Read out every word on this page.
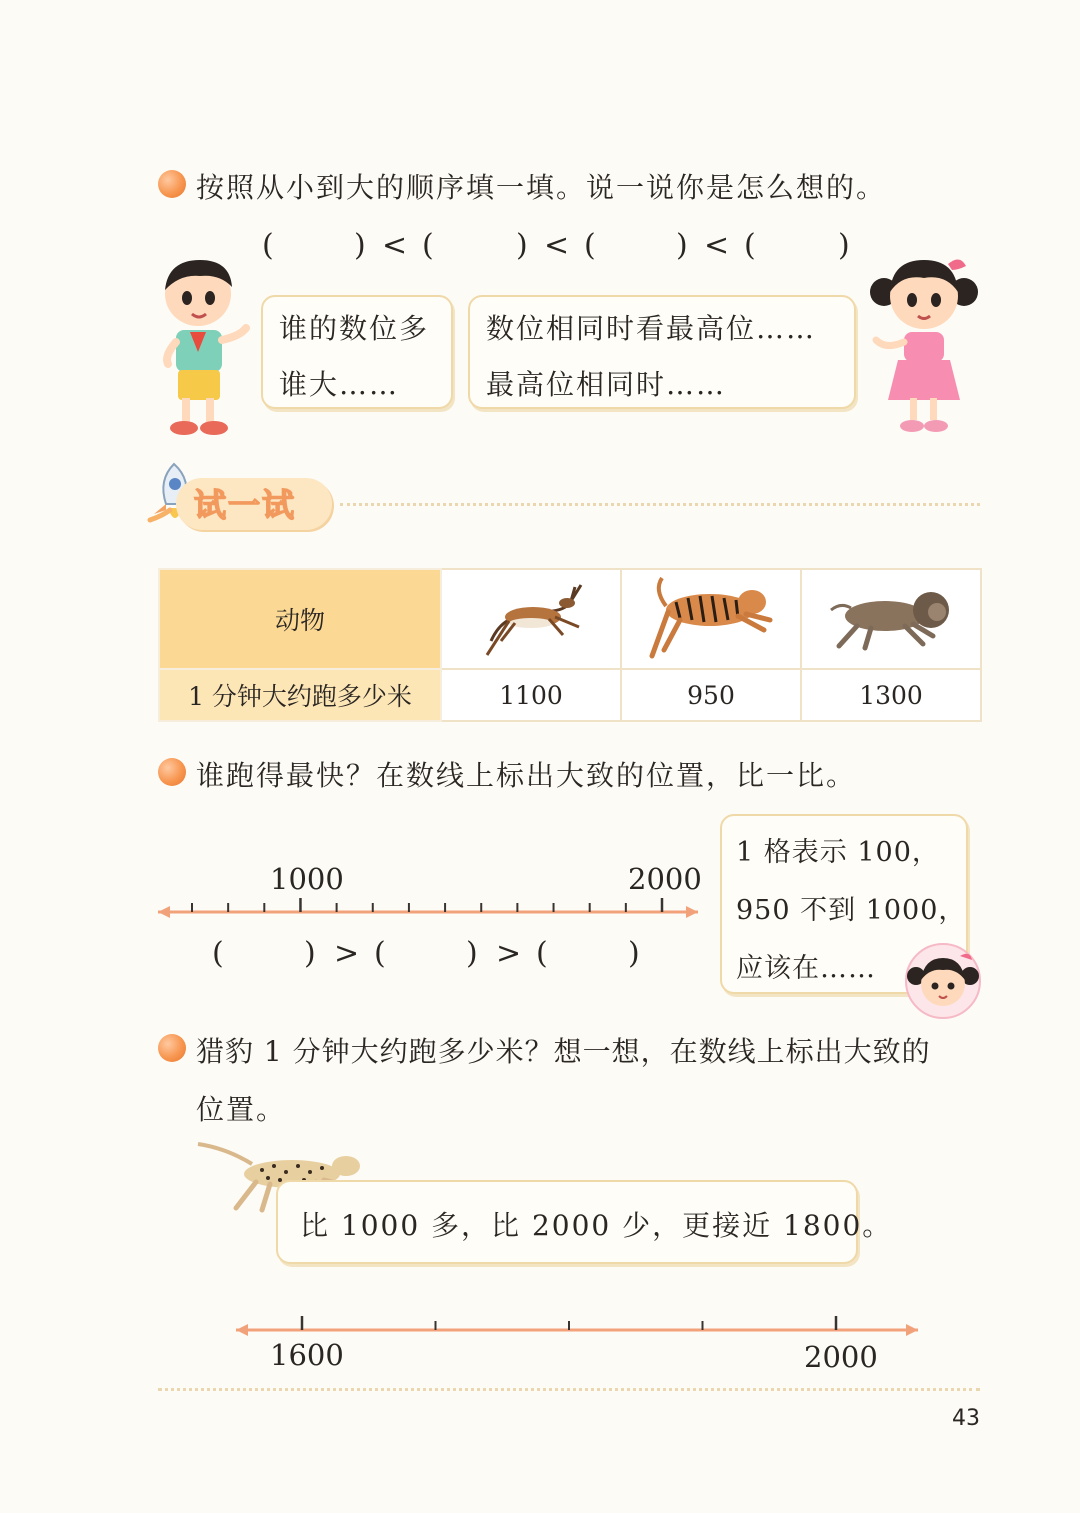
按照从小到大的顺序填一填。说一说你是怎么想的。
(	) < (	) < (	) < (	)
谁的数位多
谁大……
数位相同时看最高位……
最高位相同时……
试一试
动物			
1 分钟大约跑多少米	1100	950	1300
谁跑得最快？在数线上标出大致的位置，比一比。
1000	2000
(	) > (	) > (	)
1 格表示 100，
950 不到 1000，
应该在……
猎豹 1 分钟大约跑多少米？想一想，在数线上标出大致的
位置。
比 1000 多，比 2000 少，更接近 1800。
1600	2000
43
